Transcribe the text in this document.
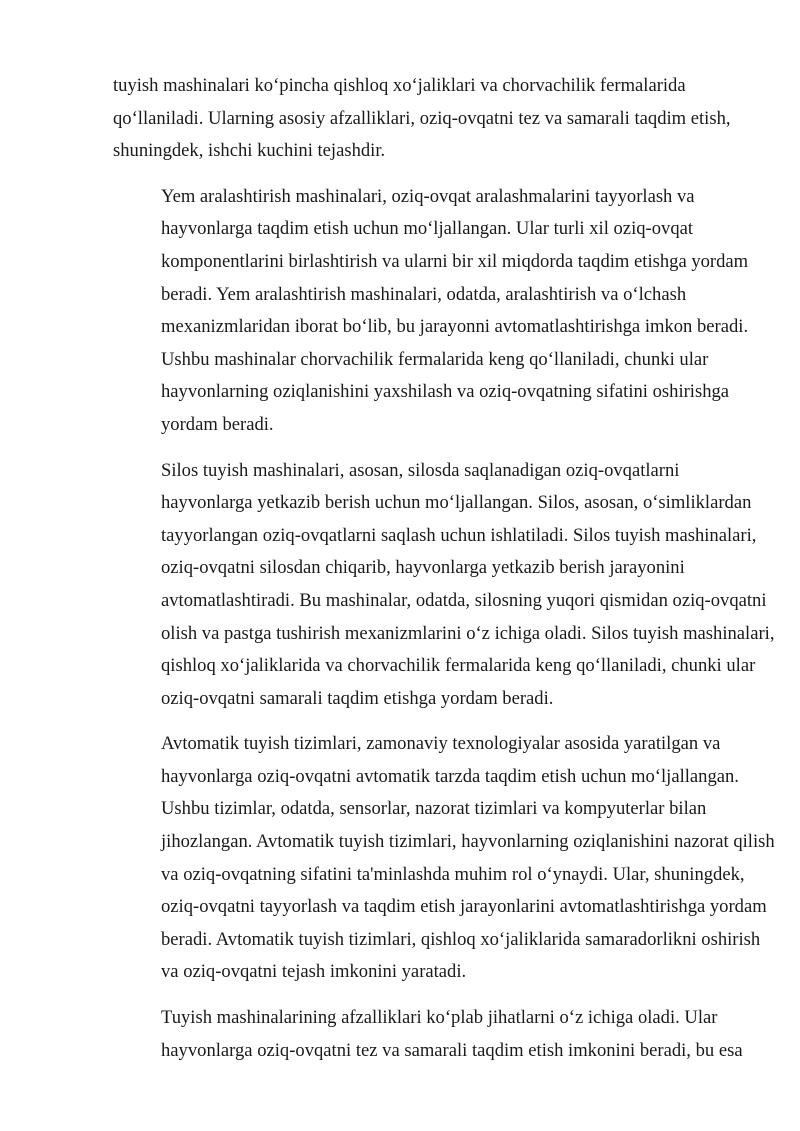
tuyish mashinalari ko‘pincha qishloq xo‘jaliklari va chorvachilik fermalarida
qo‘llaniladi. Ularning asosiy afzalliklari, oziq-ovqatni tez va samarali taqdim etish,
shuningdek, ishchi kuchini tejashdir.
Yem aralashtirish mashinalari, oziq-ovqat aralashmalarini tayyorlash va
hayvonlarga taqdim etish uchun mo‘ljallangan. Ular turli xil oziq-ovqat
komponentlarini birlashtirish va ularni bir xil miqdorda taqdim etishga yordam
beradi. Yem aralashtirish mashinalari, odatda, aralashtirish va o‘lchash
mexanizmlaridan iborat bo‘lib, bu jarayonni avtomatlashtirishga imkon beradi.
Ushbu mashinalar chorvachilik fermalarida keng qo‘llaniladi, chunki ular
hayvonlarning oziqlanishini yaxshilash va oziq-ovqatning sifatini oshirishga
yordam beradi.
Silos tuyish mashinalari, asosan, silosda saqlanadigan oziq-ovqatlarni
hayvonlarga yetkazib berish uchun mo‘ljallangan. Silos, asosan, o‘simliklardan
tayyorlangan oziq-ovqatlarni saqlash uchun ishlatiladi. Silos tuyish mashinalari,
oziq-ovqatni silosdan chiqarib, hayvonlarga yetkazib berish jarayonini
avtomatlashtiradi. Bu mashinalar, odatda, silosning yuqori qismidan oziq-ovqatni
olish va pastga tushirish mexanizmlarini o‘z ichiga oladi. Silos tuyish mashinalari,
qishloq xo‘jaliklarida va chorvachilik fermalarida keng qo‘llaniladi, chunki ular
oziq-ovqatni samarali taqdim etishga yordam beradi.
Avtomatik tuyish tizimlari, zamonaviy texnologiyalar asosida yaratilgan va
hayvonlarga oziq-ovqatni avtomatik tarzda taqdim etish uchun mo‘ljallangan.
Ushbu tizimlar, odatda, sensorlar, nazorat tizimlari va kompyuterlar bilan
jihozlangan. Avtomatik tuyish tizimlari, hayvonlarning oziqlanishini nazorat qilish
va oziq-ovqatning sifatini ta'minlashda muhim rol o‘ynaydi. Ular, shuningdek,
oziq-ovqatni tayyorlash va taqdim etish jarayonlarini avtomatlashtirishga yordam
beradi. Avtomatik tuyish tizimlari, qishloq xo‘jaliklarida samaradorlikni oshirish
va oziq-ovqatni tejash imkonini yaratadi.
Tuyish mashinalarining afzalliklari ko‘plab jihatlarni o‘z ichiga oladi. Ular
hayvonlarga oziq-ovqatni tez va samarali taqdim etish imkonini beradi, bu esa
